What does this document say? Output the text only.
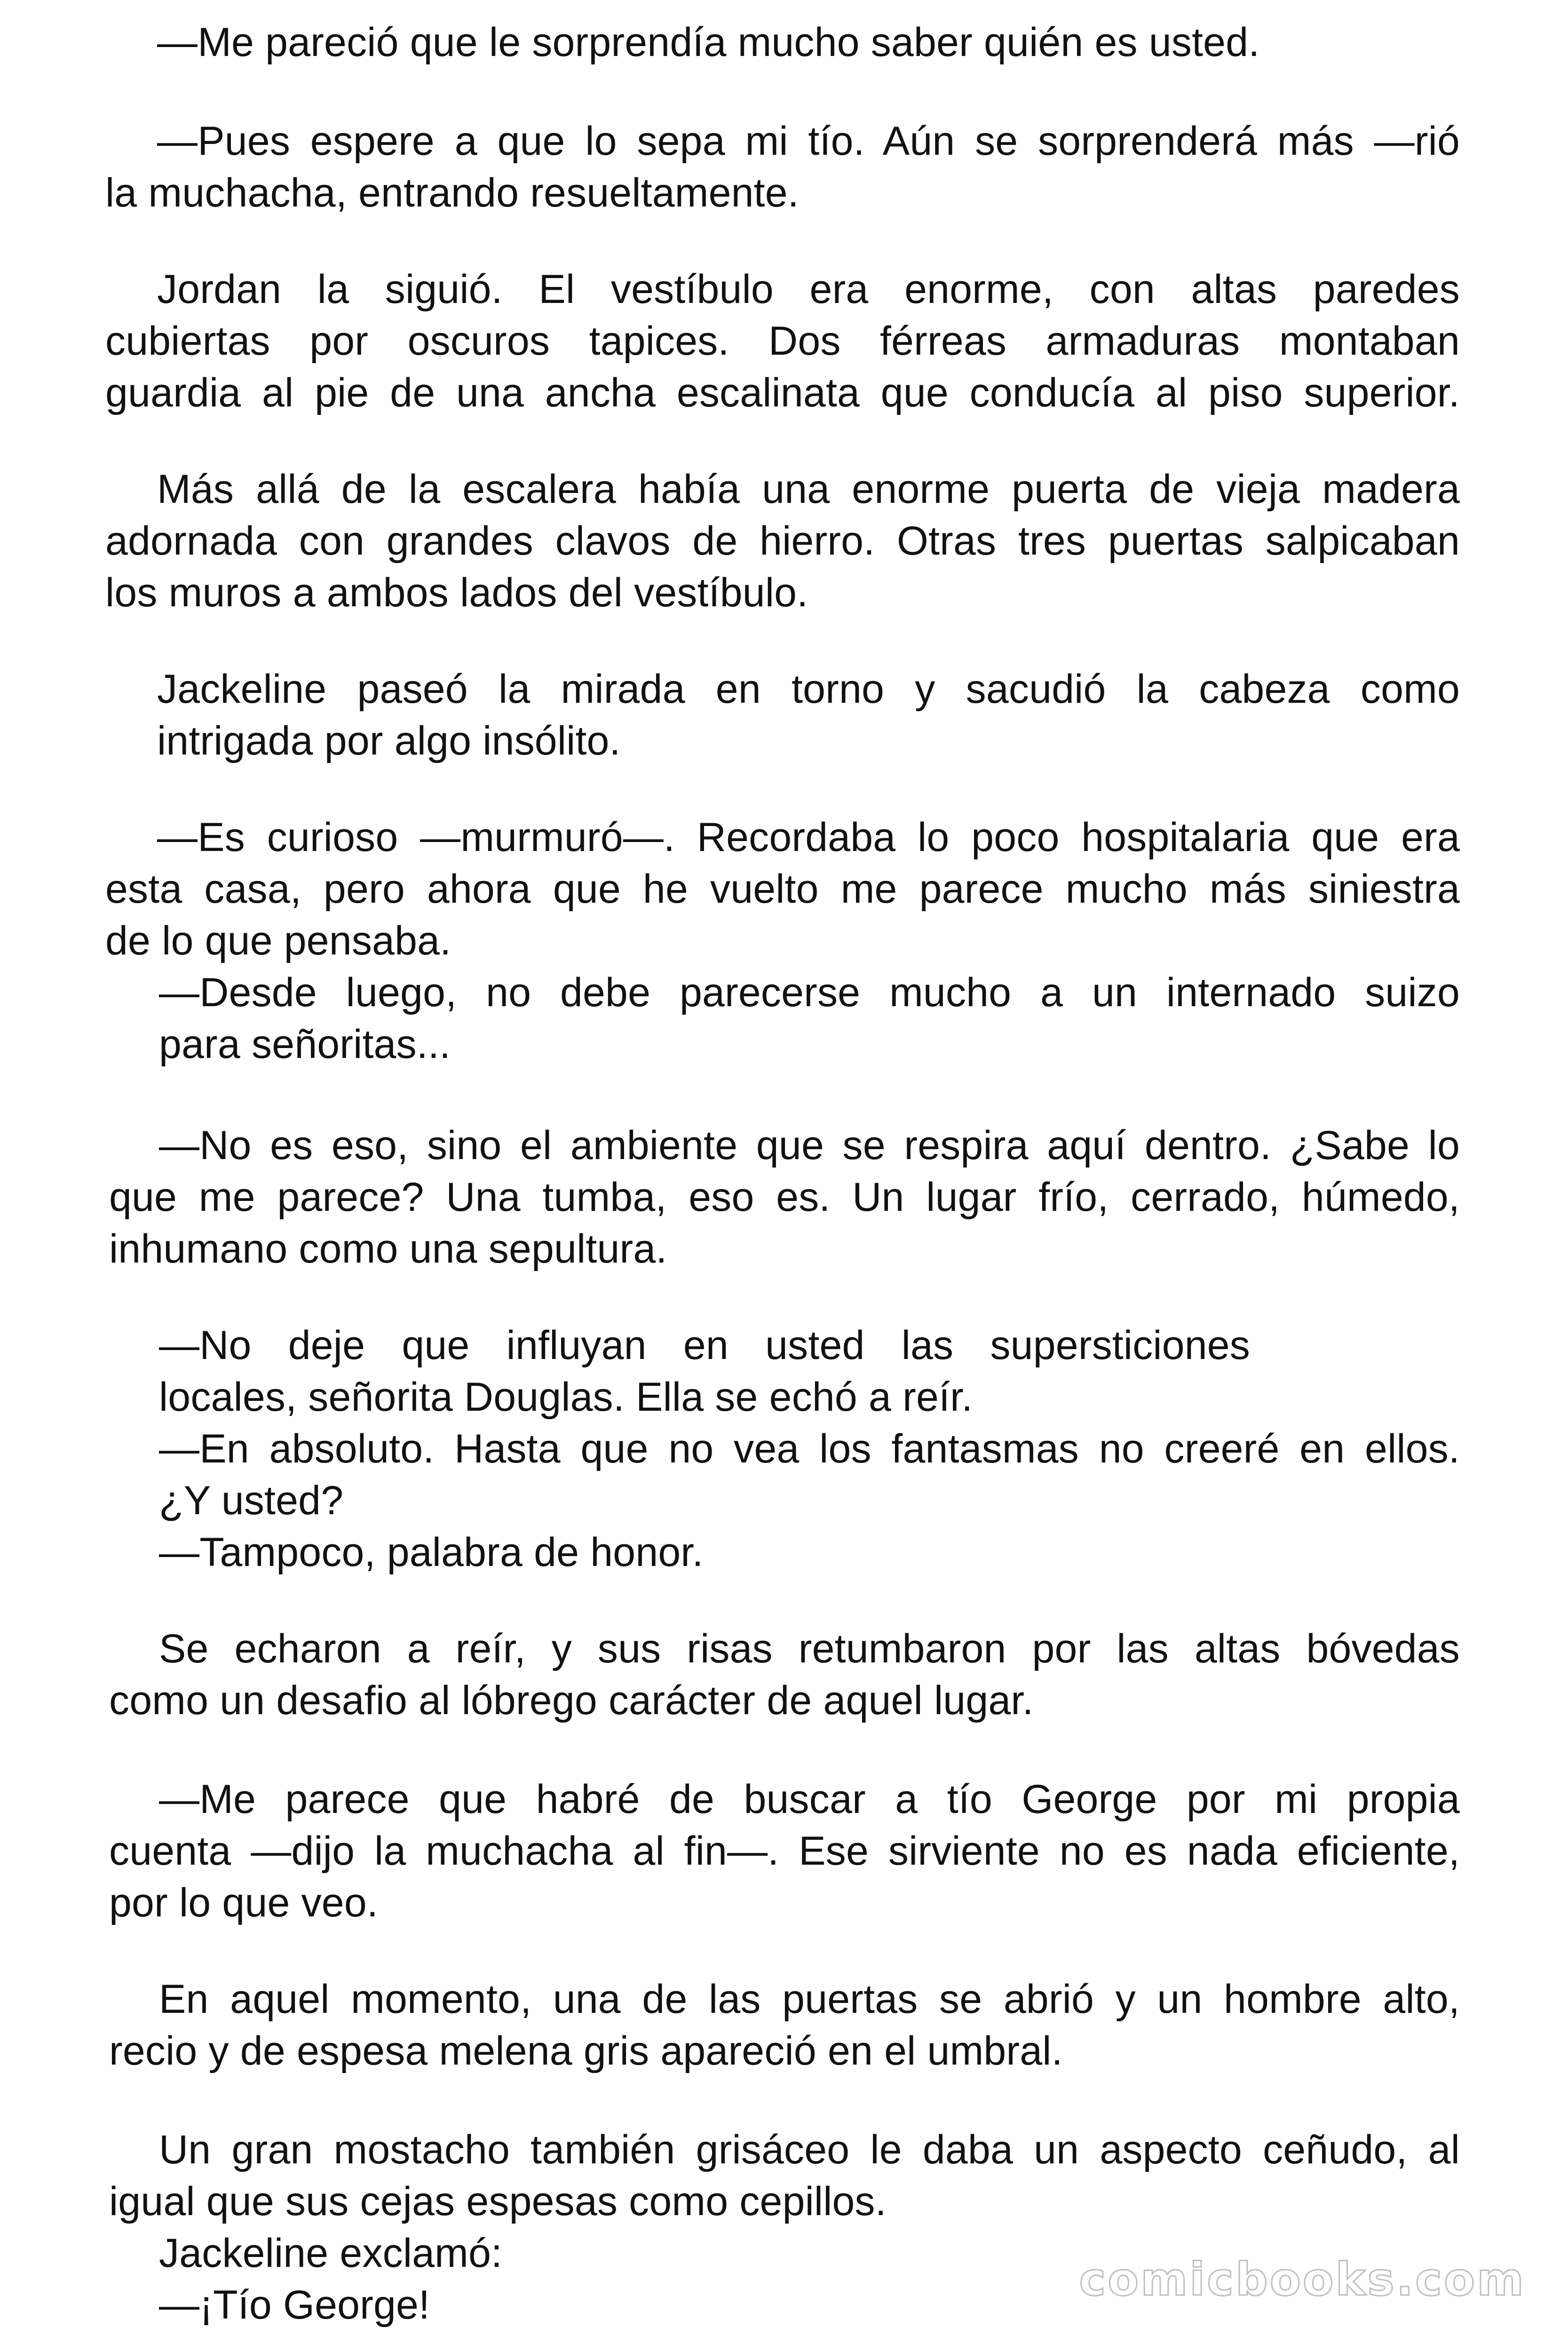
—Me pareció que le sorprendía mucho saber quién es usted.
—Pues espere a que lo sepa mi tío. Aún se sorprenderá más —rió
la muchacha, entrando resueltamente.
Jordan la siguió. El vestíbulo era enorme, con altas paredes
cubiertas por oscuros tapices. Dos férreas armaduras montaban
guardia al pie de una ancha escalinata que conducía al piso superior.
Más allá de la escalera había una enorme puerta de vieja madera
adornada con grandes clavos de hierro. Otras tres puertas salpicaban
los muros a ambos lados del vestíbulo.
Jackeline paseó la mirada en torno y sacudió la cabeza como
intrigada por algo insólito.
—Es curioso —murmuró—. Recordaba lo poco hospitalaria que era
esta casa, pero ahora que he vuelto me parece mucho más siniestra
de lo que pensaba.
—Desde luego, no debe parecerse mucho a un internado suizo
para señoritas...
—No es eso, sino el ambiente que se respira aquí dentro. ¿Sabe lo
que me parece? Una tumba, eso es. Un lugar frío, cerrado, húmedo,
inhumano como una sepultura.
—No deje que influyan en usted las supersticiones
locales, señorita Douglas. Ella se echó a reír.
—En absoluto. Hasta que no vea los fantasmas no creeré en ellos.
¿Y usted?
—Tampoco, palabra de honor.
Se echaron a reír, y sus risas retumbaron por las altas bóvedas
como un desafio al lóbrego carácter de aquel lugar.
—Me parece que habré de buscar a tío George por mi propia
cuenta —dijo la muchacha al fin—. Ese sirviente no es nada eficiente,
por lo que veo.
En aquel momento, una de las puertas se abrió y un hombre alto,
recio y de espesa melena gris apareció en el umbral.
Un gran mostacho también grisáceo le daba un aspecto ceñudo, al
igual que sus cejas espesas como cepillos.
Jackeline exclamó:
—¡Tío George!	comicbooks.com
